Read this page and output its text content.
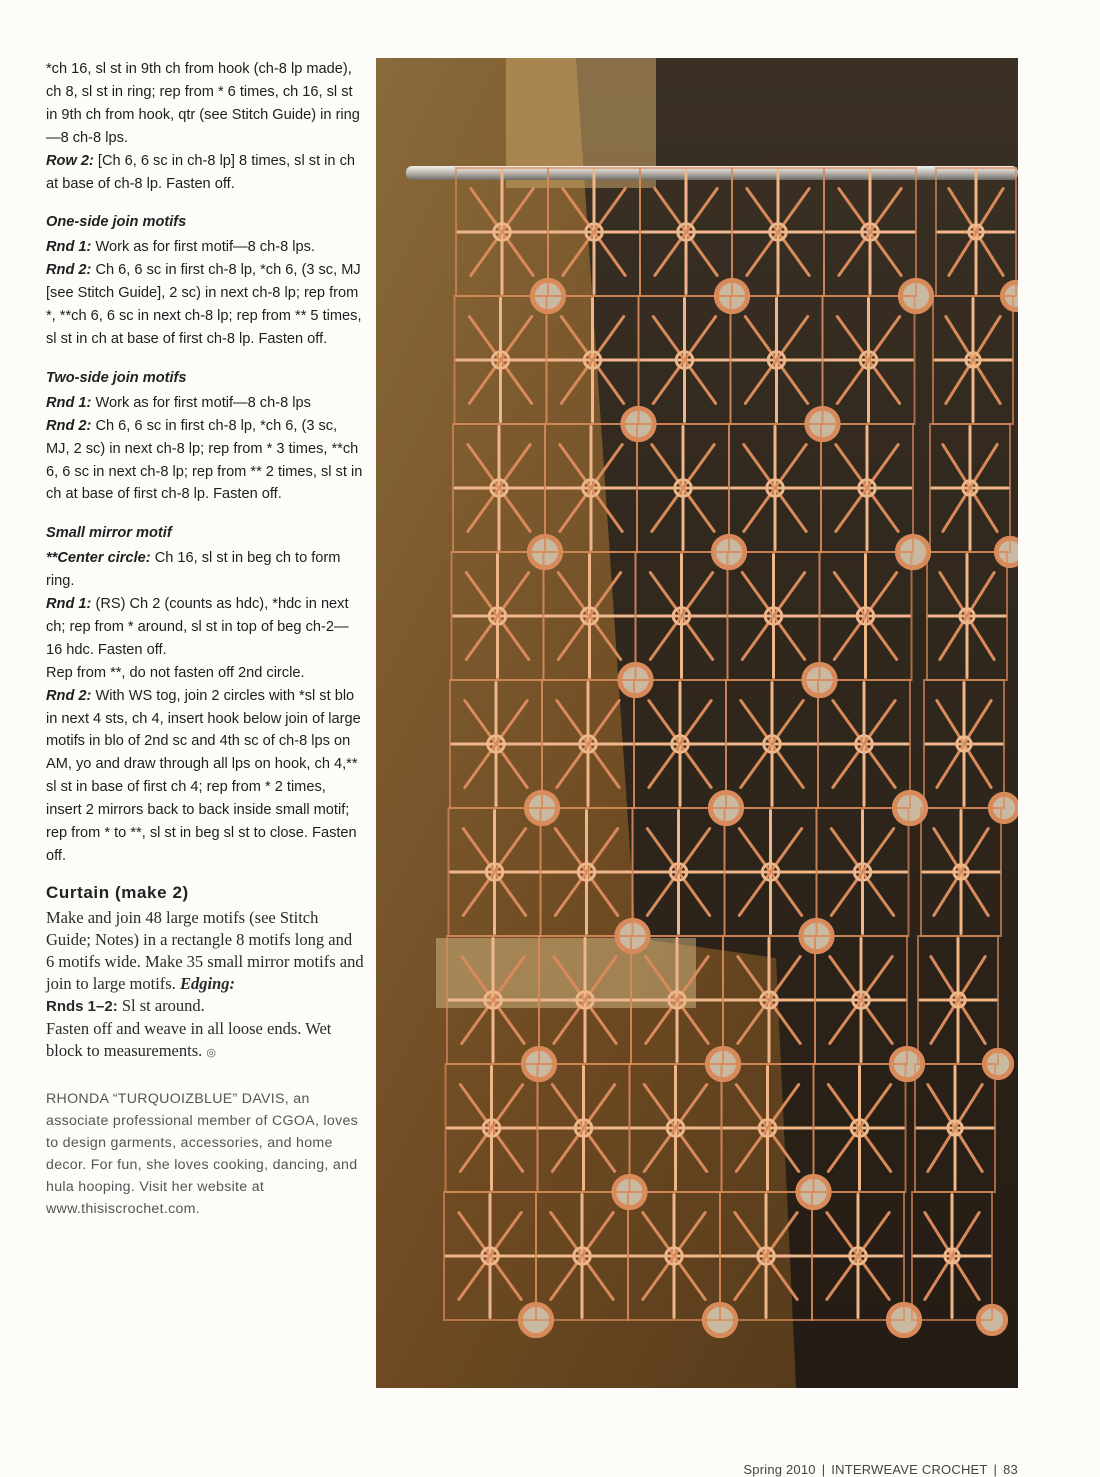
*ch 16, sl st in 9th ch from hook (ch-8 lp made), ch 8, sl st in ring; rep from * 6 times, ch 16, sl st in 9th ch from hook, qtr (see Stitch Guide) in ring—8 ch-8 lps.
Row 2: [Ch 6, 6 sc in ch-8 lp] 8 times, sl st in ch at base of ch-8 lp. Fasten off.

One-side join motifs

Rnd 1: Work as for first motif—8 ch-8 lps.
Rnd 2: Ch 6, 6 sc in first ch-8 lp, *ch 6, (3 sc, MJ [see Stitch Guide], 2 sc) in next ch-8 lp; rep from *, **ch 6, 6 sc in next ch-8 lp; rep from ** 5 times, sl st in ch at base of first ch-8 lp. Fasten off.

Two-side join motifs

Rnd 1: Work as for first motif—8 ch-8 lps
Rnd 2: Ch 6, 6 sc in first ch-8 lp, *ch 6, (3 sc, MJ, 2 sc) in next ch-8 lp; rep from * 3 times, **ch 6, 6 sc in next ch-8 lp; rep from ** 2 times, sl st in ch at base of first ch-8 lp. Fasten off.

Small mirror motif

**Center circle: Ch 16, sl st in beg ch to form ring.
Rnd 1: (RS) Ch 2 (counts as hdc), *hdc in next ch; rep from * around, sl st in top of beg ch-2—16 hdc. Fasten off.
Rep from **, do not fasten off 2nd circle.
Rnd 2: With WS tog, join 2 circles with *sl st blo in next 4 sts, ch 4, insert hook below join of large motifs in blo of 2nd sc and 4th sc of ch-8 lps on AM, yo and draw through all lps on hook, ch 4,** sl st in base of first ch 4; rep from * 2 times, insert 2 mirrors back to back inside small motif; rep from * to **, sl st in beg sl st to close. Fasten off.

Curtain (make 2)

Make and join 48 large motifs (see Stitch Guide; Notes) in a rectangle 8 motifs long and 6 motifs wide. Make 35 small mirror motifs and join to large motifs. Edging:
Rnds 1–2: Sl st around.
Fasten off and weave in all loose ends. Wet block to measurements. ◎

RHONDA “TURQUOIZBLUE” DAVIS, an associate professional member of CGOA, loves to design garments, accessories, and home decor. For fun, she loves cooking, dancing, and hula hooping. Visit her website at www.thisiscrochet.com.

Spring 2010 | INTERWEAVE CROCHET | 83
